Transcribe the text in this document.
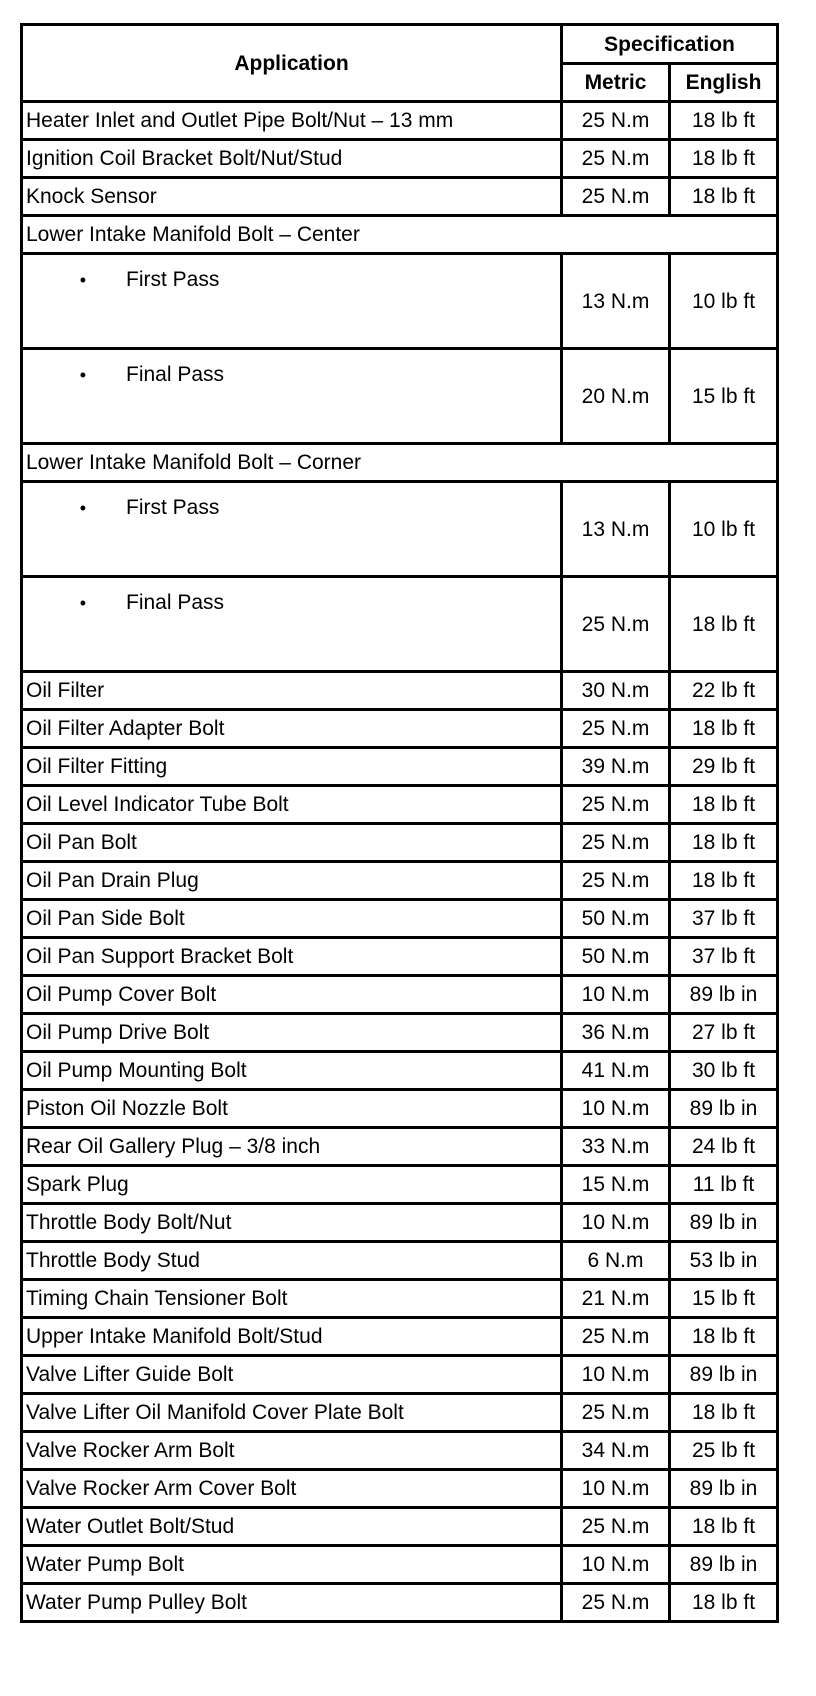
Application	Specification	
	Metric	English
Heater Inlet and Outlet Pipe Bolt/Nut – 13 mm	25 N.m	18 lb ft
Ignition Coil Bracket Bolt/Nut/Stud	25 N.m	18 lb ft
Knock Sensor	25 N.m	18 lb ft
Lower Intake Manifold Bolt – Center		
• First Pass	13 N.m	10 lb ft
• Final Pass	20 N.m	15 lb ft
Lower Intake Manifold Bolt – Corner		
• First Pass	13 N.m	10 lb ft
• Final Pass	25 N.m	18 lb ft
Oil Filter	30 N.m	22 lb ft
Oil Filter Adapter Bolt	25 N.m	18 lb ft
Oil Filter Fitting	39 N.m	29 lb ft
Oil Level Indicator Tube Bolt	25 N.m	18 lb ft
Oil Pan Bolt	25 N.m	18 lb ft
Oil Pan Drain Plug	25 N.m	18 lb ft
Oil Pan Side Bolt	50 N.m	37 lb ft
Oil Pan Support Bracket Bolt	50 N.m	37 lb ft
Oil Pump Cover Bolt	10 N.m	89 lb in
Oil Pump Drive Bolt	36 N.m	27 lb ft
Oil Pump Mounting Bolt	41 N.m	30 lb ft
Piston Oil Nozzle Bolt	10 N.m	89 lb in
Rear Oil Gallery Plug – 3/8 inch	33 N.m	24 lb ft
Spark Plug	15 N.m	11 lb ft
Throttle Body Bolt/Nut	10 N.m	89 lb in
Throttle Body Stud	6 N.m	53 lb in
Timing Chain Tensioner Bolt	21 N.m	15 lb ft
Upper Intake Manifold Bolt/Stud	25 N.m	18 lb ft
Valve Lifter Guide Bolt	10 N.m	89 lb in
Valve Lifter Oil Manifold Cover Plate Bolt	25 N.m	18 lb ft
Valve Rocker Arm Bolt	34 N.m	25 lb ft
Valve Rocker Arm Cover Bolt	10 N.m	89 lb in
Water Outlet Bolt/Stud	25 N.m	18 lb ft
Water Pump Bolt	10 N.m	89 lb in
Water Pump Pulley Bolt	25 N.m	18 lb ft
